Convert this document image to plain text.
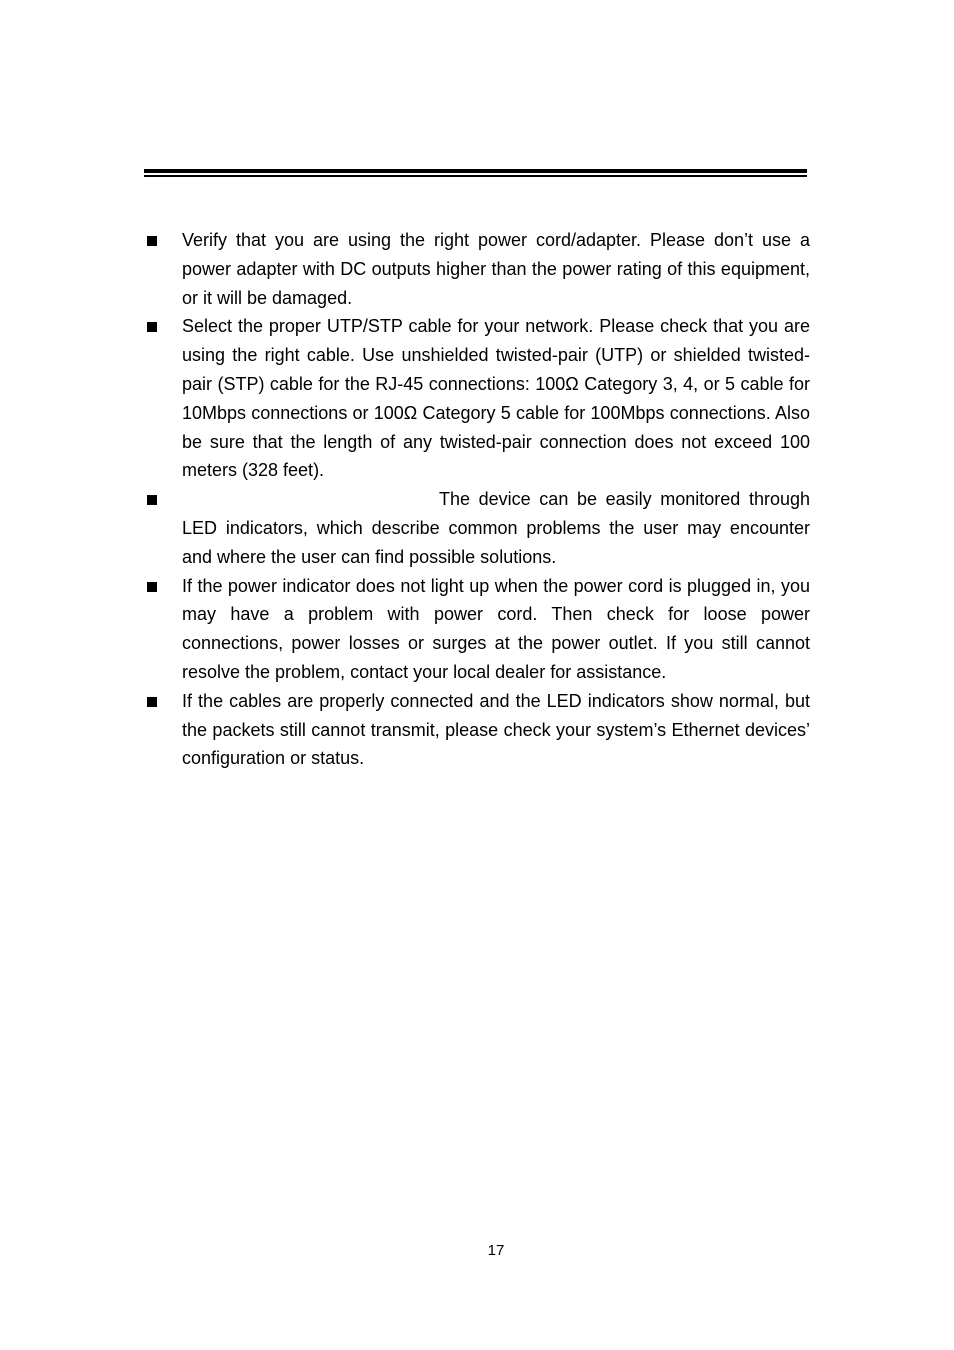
Verify that you are using the right power cord/adapter. Please don’t use a power adapter with DC outputs higher than the power rating of this equipment, or it will be damaged.
Select the proper UTP/STP cable for your network. Please check that you are using the right cable. Use unshielded twisted-pair (UTP) or shielded twisted-pair (STP) cable for the RJ-45 connections: 100Ω Category 3, 4, or 5 cable for 10Mbps connections or 100Ω Category 5 cable for 100Mbps connections. Also be sure that the length of any twisted-pair connection does not exceed 100 meters (328 feet).
The device can be easily monitored through LED indicators, which describe common problems the user may encounter and where the user can find possible solutions.
If the power indicator does not light up when the power cord is plugged in, you may have a problem with power cord. Then check for loose power connections, power losses or surges at the power outlet. If you still cannot resolve the problem, contact your local dealer for assistance.
If the cables are properly connected and the LED indicators show normal, but the packets still cannot transmit, please check your system’s Ethernet devices’ configuration or status.
17
